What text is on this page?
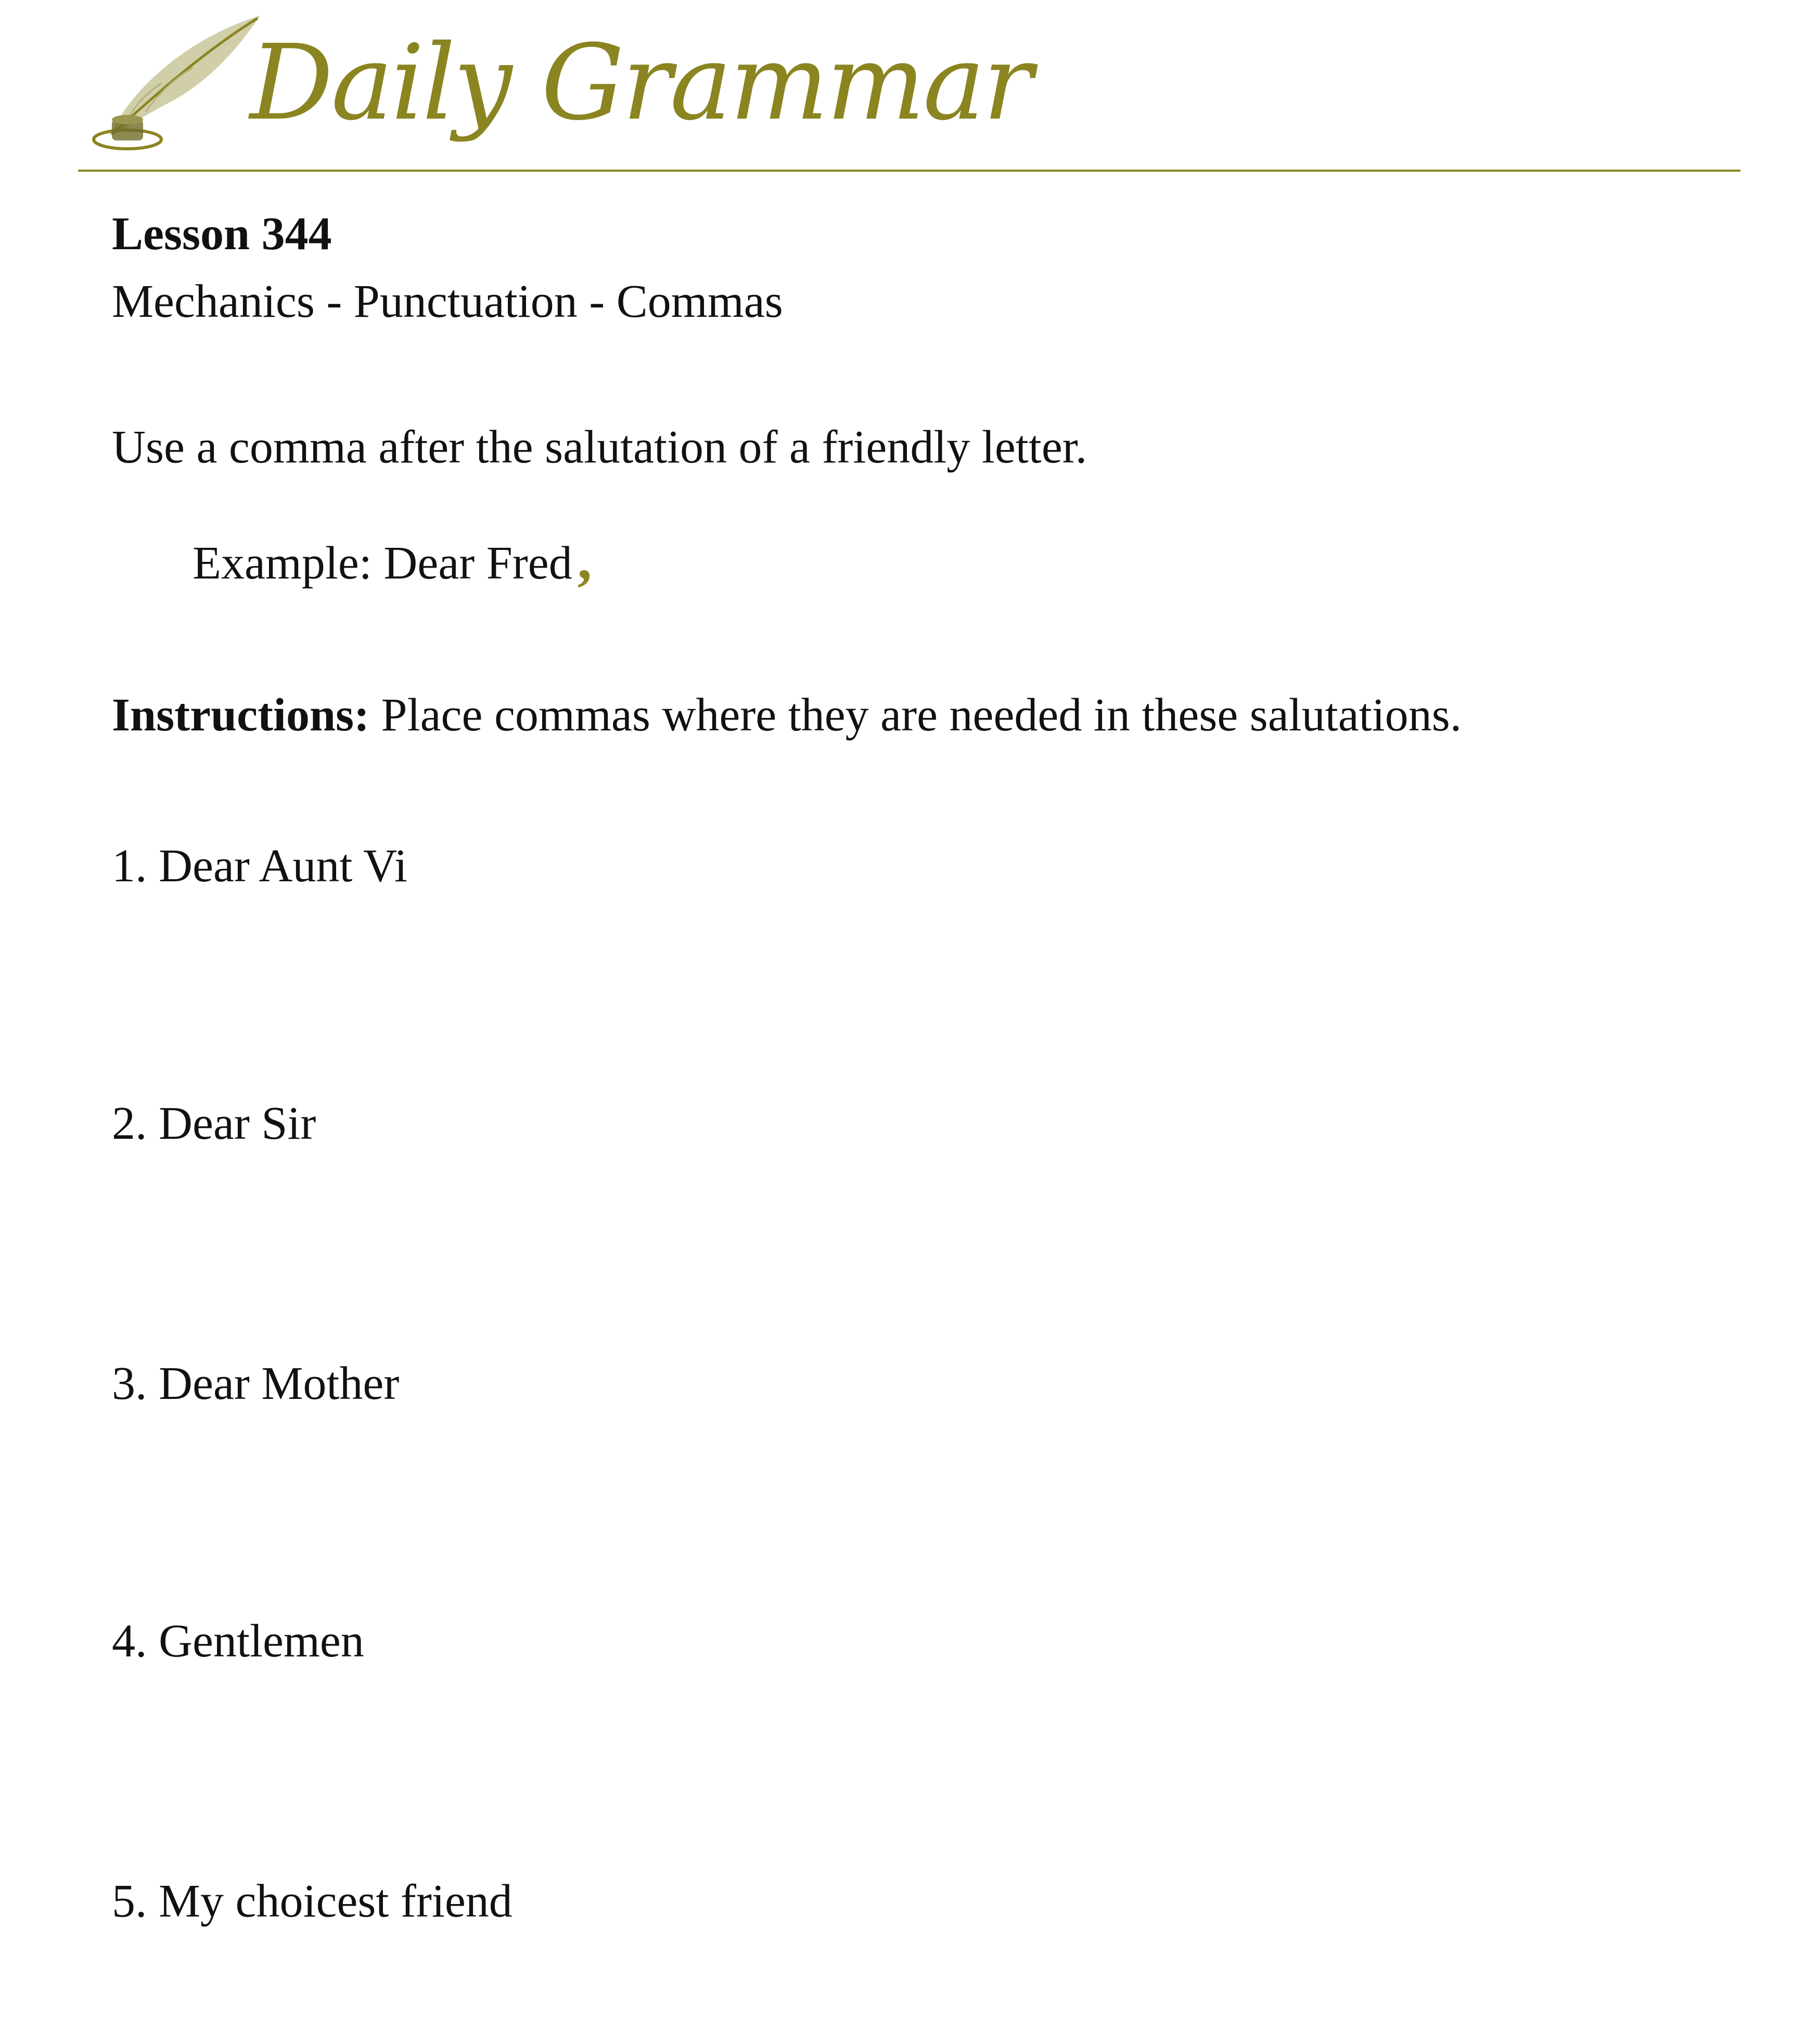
Daily Grammar
Lesson 344
Mechanics - Punctuation - Commas
Use a comma after the salutation of a friendly letter.
Example: Dear Fred,
Instructions: Place commas where they are needed in these salutations.
1. Dear Aunt Vi
2. Dear Sir
3. Dear Mother
4. Gentlemen
5. My choicest friend
